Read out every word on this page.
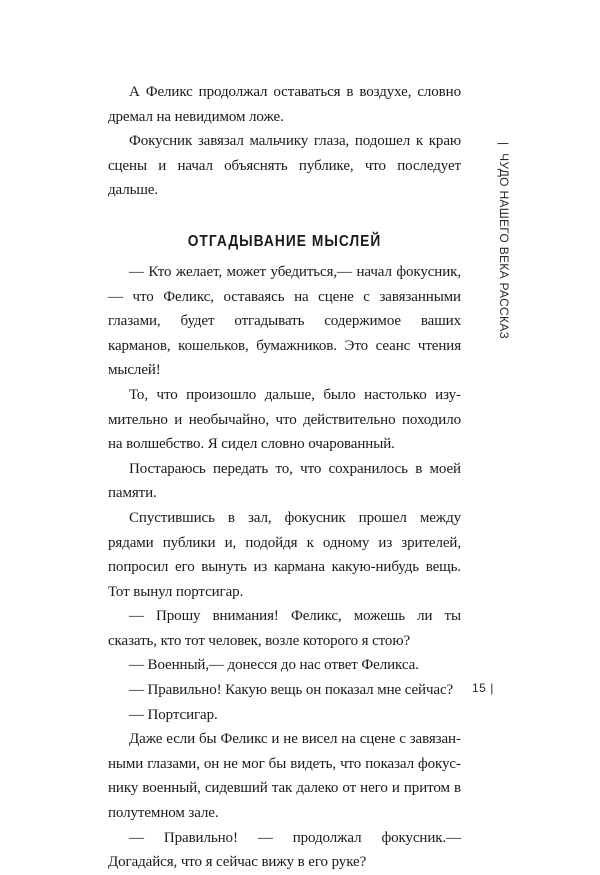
А Феликс продолжал оставаться в воздухе, словно дремал на невидимом ложе.

Фокусник завязал мальчику глаза, подошел к краю сцены и начал объяснять публике, что последует дальше.

ОТГАДЫВАНИЕ МЫСЛЕЙ

— Кто желает, может убедиться,— начал фокусник,— что Феликс, оставаясь на сцене с завязанными глазами, будет отгадывать содержимое ваших карманов, кошельков, бумажников. Это сеанс чтения мыслей!

То, что произошло дальше, было настолько изумительно и необычайно, что действительно походило на волшебство. Я сидел словно очарованный.

Постараюсь передать то, что сохранилось в моей памяти.

Спустившись в зал, фокусник прошел между рядами публики и, подойдя к одному из зрителей, попросил его вынуть из кармана какую-нибудь вещь. Тот вынул портсигар.

— Прошу внимания! Феликс, можешь ли ты сказать, кто тот человек, возле которого я стою?

— Военный,— донесся до нас ответ Феликса.

— Правильно! Какую вещь он показал мне сейчас?

— Портсигар.

Даже если бы Феликс и не висел на сцене с завязанными глазами, он не мог бы видеть, что показал фокуснику военный, сидевший так далеко от него и притом в полутемном зале.

— Правильно! — продолжал фокусник.— Догадайся, что я сейчас вижу в его руке?

| ЧУДО НАШЕГО ВЕКА РАССКАЗ
15 |
